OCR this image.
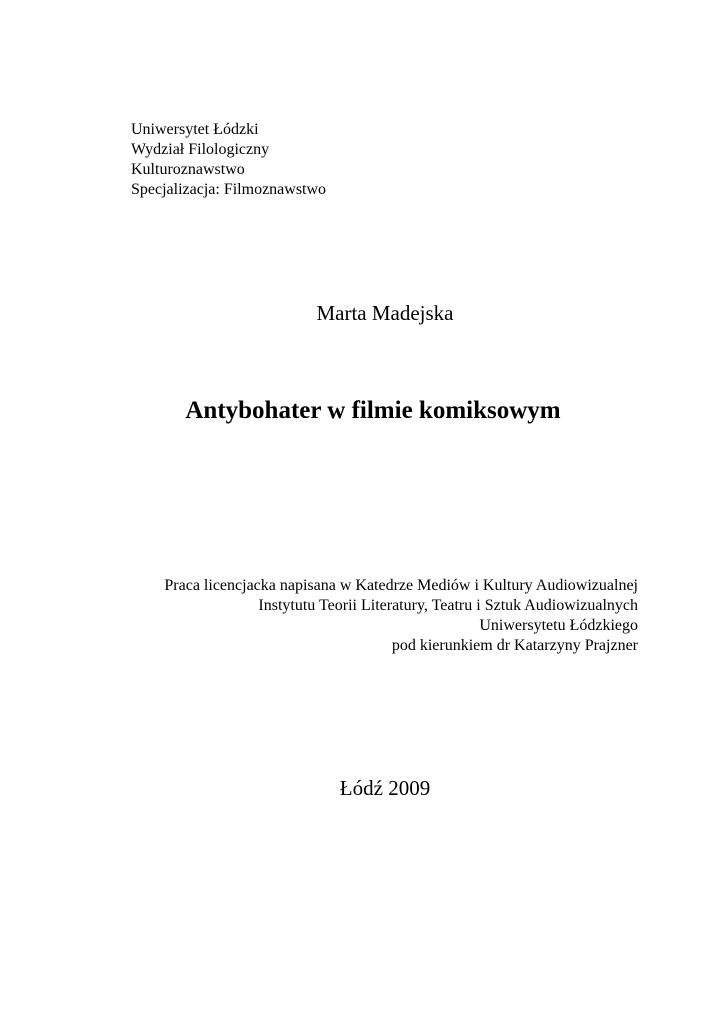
Uniwersytet Łódzki
Wydział Filologiczny
Kulturoznawstwo
Specjalizacja: Filmoznawstwo
Marta Madejska
Antybohater w filmie komiksowym
Praca licencjacka napisana w Katedrze Mediów i Kultury Audiowizualnej
Instytutu Teorii Literatury, Teatru i Sztuk Audiowizualnych
Uniwersytetu Łódzkiego
pod kierunkiem dr Katarzyny Prajzner
Łódź 2009
